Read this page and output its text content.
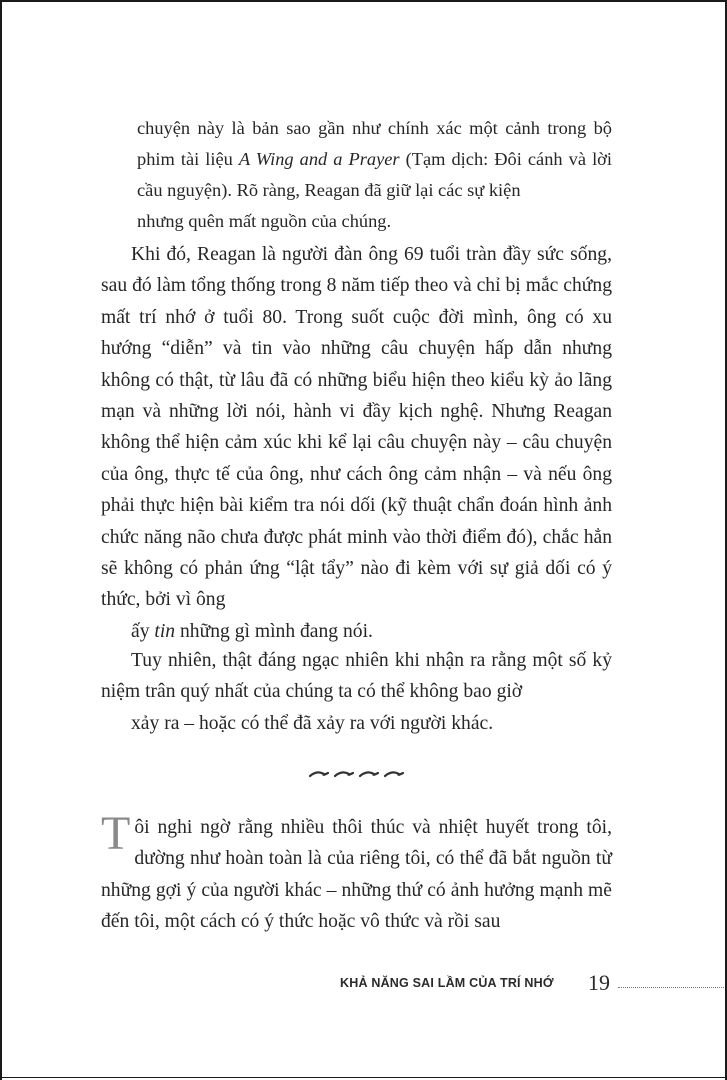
chuyện này là bản sao gần như chính xác một cảnh trong bộ phim tài liệu A Wing and a Prayer (Tạm dịch: Đôi cánh và lời cầu nguyện). Rõ ràng, Reagan đã giữ lại các sự kiện
nhưng quên mất nguồn của chúng.
Khi đó, Reagan là người đàn ông 69 tuổi tràn đầy sức sống, sau đó làm tổng thống trong 8 năm tiếp theo và chỉ bị mắc chứng mất trí nhớ ở tuổi 80. Trong suốt cuộc đời mình, ông có xu hướng “diễn” và tin vào những câu chuyện hấp dẫn nhưng không có thật, từ lâu đã có những biểu hiện theo kiểu kỳ ảo lãng mạn và những lời nói, hành vi đầy kịch nghệ. Nhưng Reagan không thể hiện cảm xúc khi kể lại câu chuyện này – câu chuyện của ông, thực tế của ông, như cách ông cảm nhận – và nếu ông phải thực hiện bài kiểm tra nói dối (kỹ thuật chẩn đoán hình ảnh chức năng não chưa được phát minh vào thời điểm đó), chắc hẳn sẽ không có phản ứng “lật tẩy” nào đi kèm với sự giả dối có ý thức, bởi vì ông
ấy tin những gì mình đang nói.
Tuy nhiên, thật đáng ngạc nhiên khi nhận ra rằng một số kỷ niệm trân quý nhất của chúng ta có thể không bao giờ
xảy ra – hoặc có thể đã xảy ra với người khác.
T ôi nghi ngờ rằng nhiều thôi thúc và nhiệt huyết trong tôi, dường như hoàn toàn là của riêng tôi, có thể đã bắt nguồn từ những gợi ý của người khác – những thứ có ảnh hưởng mạnh mẽ đến tôi, một cách có ý thức hoặc vô thức và rồi sau
KHẢ NĂNG SAI LẦM CỦA TRÍ NHỚ 19
